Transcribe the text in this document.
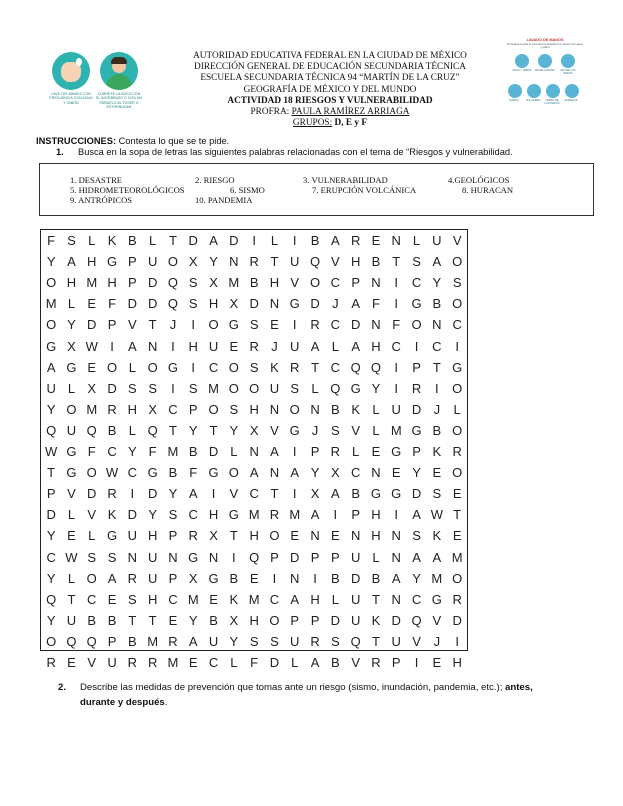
LAVA TUS MANOS CON FRECUENCIA CON AGUA Y JABÓN
CÚBRETE LA BOCA CON EL ANTEBRAZO O CON UN PAÑUELO AL TOSER O ESTORNUDAR
AUTORIDAD EDUCATIVA FEDERAL EN LA CIUDAD DE MÉXICO
DIRECCIÓN GENERAL DE EDUCACIÓN SECUNDARIA TÉCNICA
ESCUELA SECUNDARIA TÉCNICA 94 “MARTÍN DE LA CRUZ”
GEOGRAFÍA DE MÉXICO Y DEL MUNDO
ACTIVIDAD 18 RIESGOS Y VULNERABILIDAD
PROFRA: PAULA RAMÍREZ ARRIAGA
GRUPOS: D, E y F
LAVADO DE MANOS
Protégete contra el coronavirus lavando tus manos con agua y jabón
MOJA Y JABÓN PALMA A PALMA	ENTRE LOS DEDOS
DORSO	PULGARES	YEMAS DE LOS DEDOS
MUÑECAS
INSTRUCCIONES: Contesta lo que se te pide.
1. Busca en la sopa de letras las siguientes palabras relacionadas con el tema de “Riesgos y vulnerabilidad.
1. DESASTRE	2. RIESGO	3. VULNERABILIDAD	4.GEOLÓGICOS
5. HIDROMETEOROLÓGICOS	6. SISMO	7. ERUPCIÓN VOLCÁNICA	8. HURACAN
9. ANTRÓPICOS	10. PANDEMIA
F S L K B L T D A D	I	L	I	B A R E N L U V
Y A H G P U O X Y N R T U Q V H B T S A O
O H M H P D Q S X M B H V O C P N	I	C Y S
M L E F D D Q S H X D N G D J A F	I	G B O
O Y D P V T	J	I	O G S E	I	R C D N F O N C
G X W I	A N	I	H U E R J U A L A H C	I	C	I
A G E O L O G	I	C O S K R T C Q Q	I	P T G
U L X D S S	I	S M O O U S L Q G Y	I	R	I	O
Y O M R H X C P O S H N O N B K L U D J	L
Q U Q B L Q T Y T Y X V G J S V L M G B O
W G F C Y F M B D L N A	I	P R L E G P K R
T G O W C G B F G O A N A Y X C N E Y E O
P V D R	I	D Y A	I	V C T	I	X A B G G D S E
D L V K D Y S C H G M R M A	I	P H	I	A W T
Y E L G U H P R X T H O E N E N H N S K E
C W S S N U N G N	I	Q P D P P U L N A A M
Y L O A R U P X G B E	I	N	I	B D B A Y M O
Q T C E S H C M E K M C A H L U T N C G R
Y U B B T T E Y B X H O P P D U K D Q V D
O Q Q P B M R A U Y S S U R S Q T U V J	I
R E V U R R M E C L F D L A B V R P	I	E H
2. Describe las medidas de prevención que tomas ante un riesgo (sismo, inundación, pandemia, etc.); antes,
durante y después.
